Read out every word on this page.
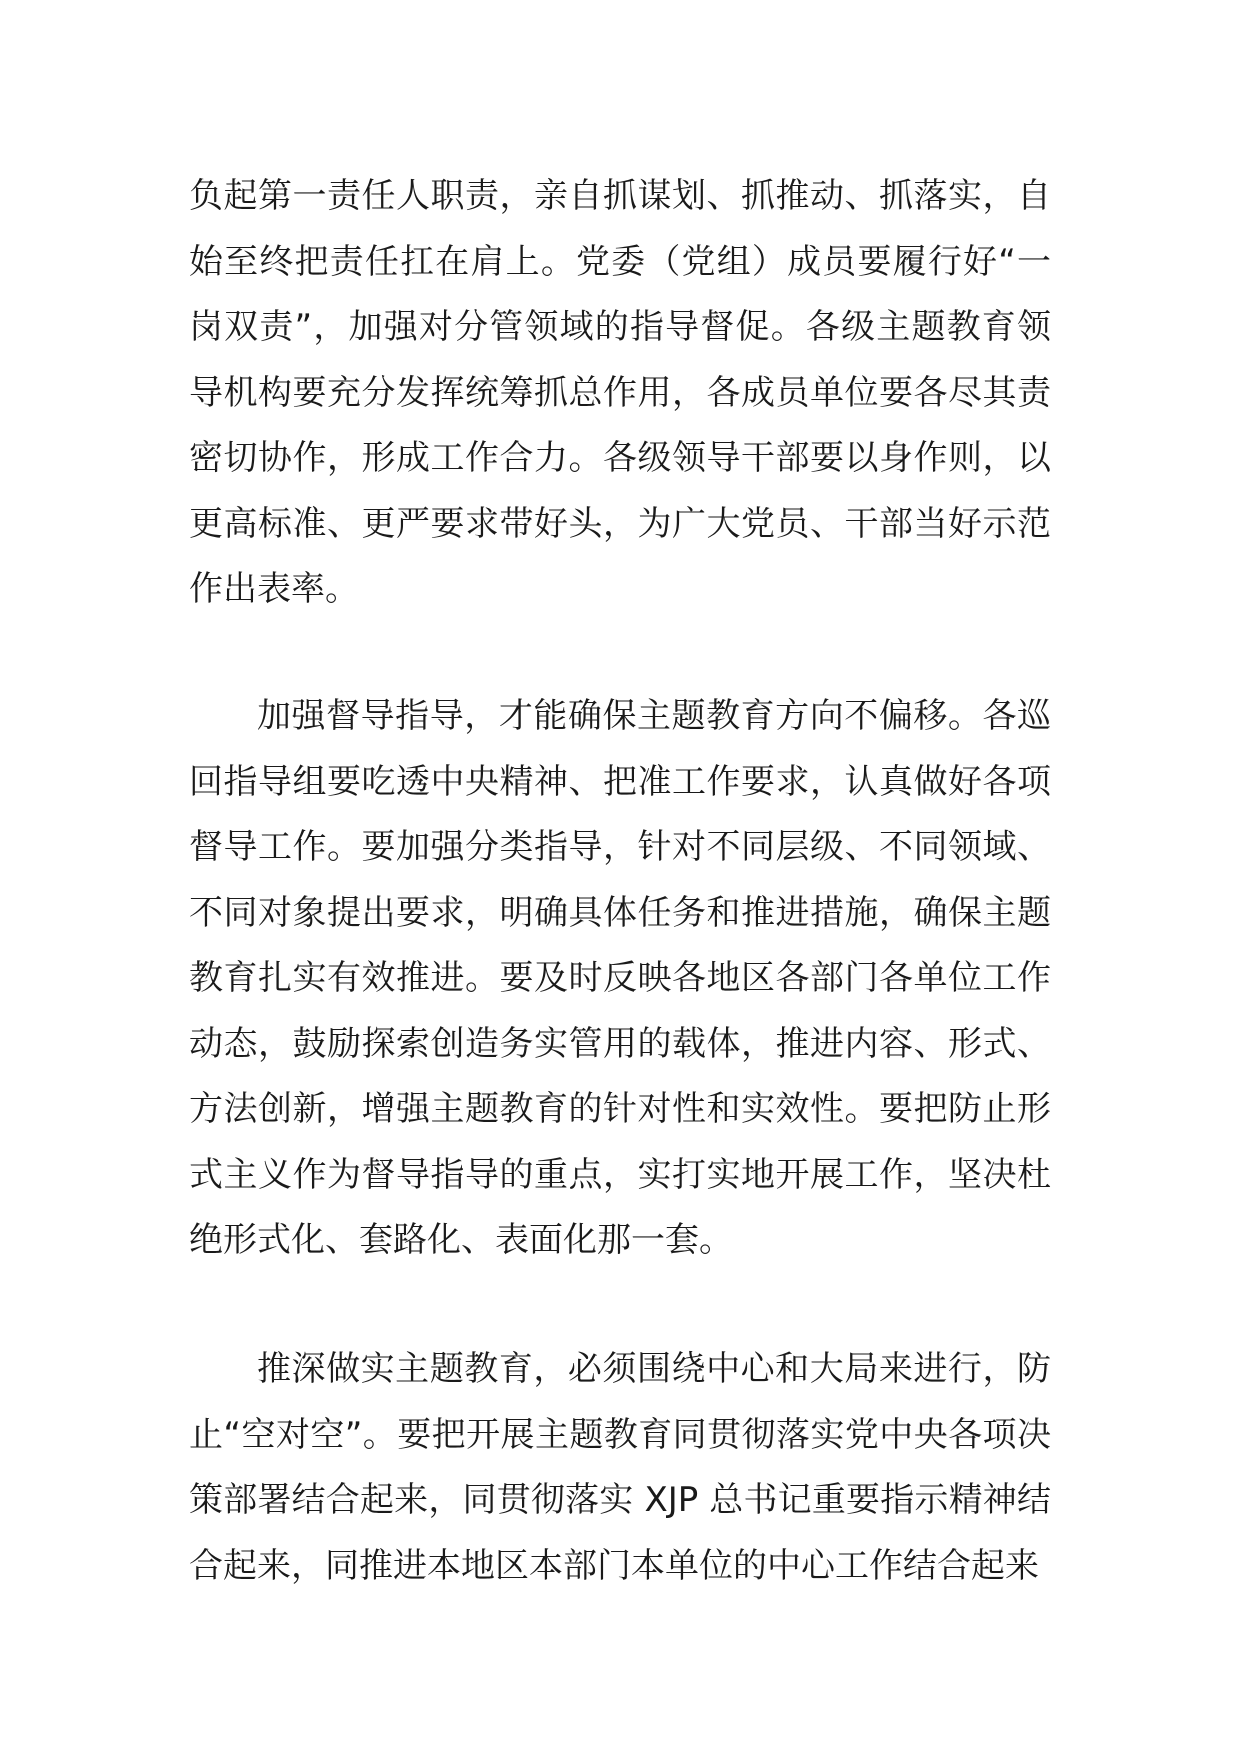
负起第一责任人职责，亲自抓谋划、抓推动、抓落实，自始至终把责任扛在肩上。党委（党组）成员要履行好“一岗双责”，加强对分管领域的指导督促。各级主题教育领导机构要充分发挥统筹抓总作用，各成员单位要各尽其责密切协作，形成工作合力。各级领导干部要以身作则，以更高标准、更严要求带好头，为广大党员、干部当好示范作出表率。

加强督导指导，才能确保主题教育方向不偏移。各巡回指导组要吃透中央精神、把准工作要求，认真做好各项督导工作。要加强分类指导，针对不同层级、不同领域、不同对象提出要求，明确具体任务和推进措施，确保主题教育扎实有效推进。要及时反映各地区各部门各单位工作动态，鼓励探索创造务实管用的载体，推进内容、形式、方法创新，增强主题教育的针对性和实效性。要把防止形式主义作为督导指导的重点，实打实地开展工作，坚决杜绝形式化、套路化、表面化那一套。

推深做实主题教育，必须围绕中心和大局来进行，防止“空对空”。要把开展主题教育同贯彻落实党中央各项决策部署结合起来，同贯彻落实 XJP 总书记重要指示精神结合起来，同推进本地区本部门本单位的中心工作结合起来
